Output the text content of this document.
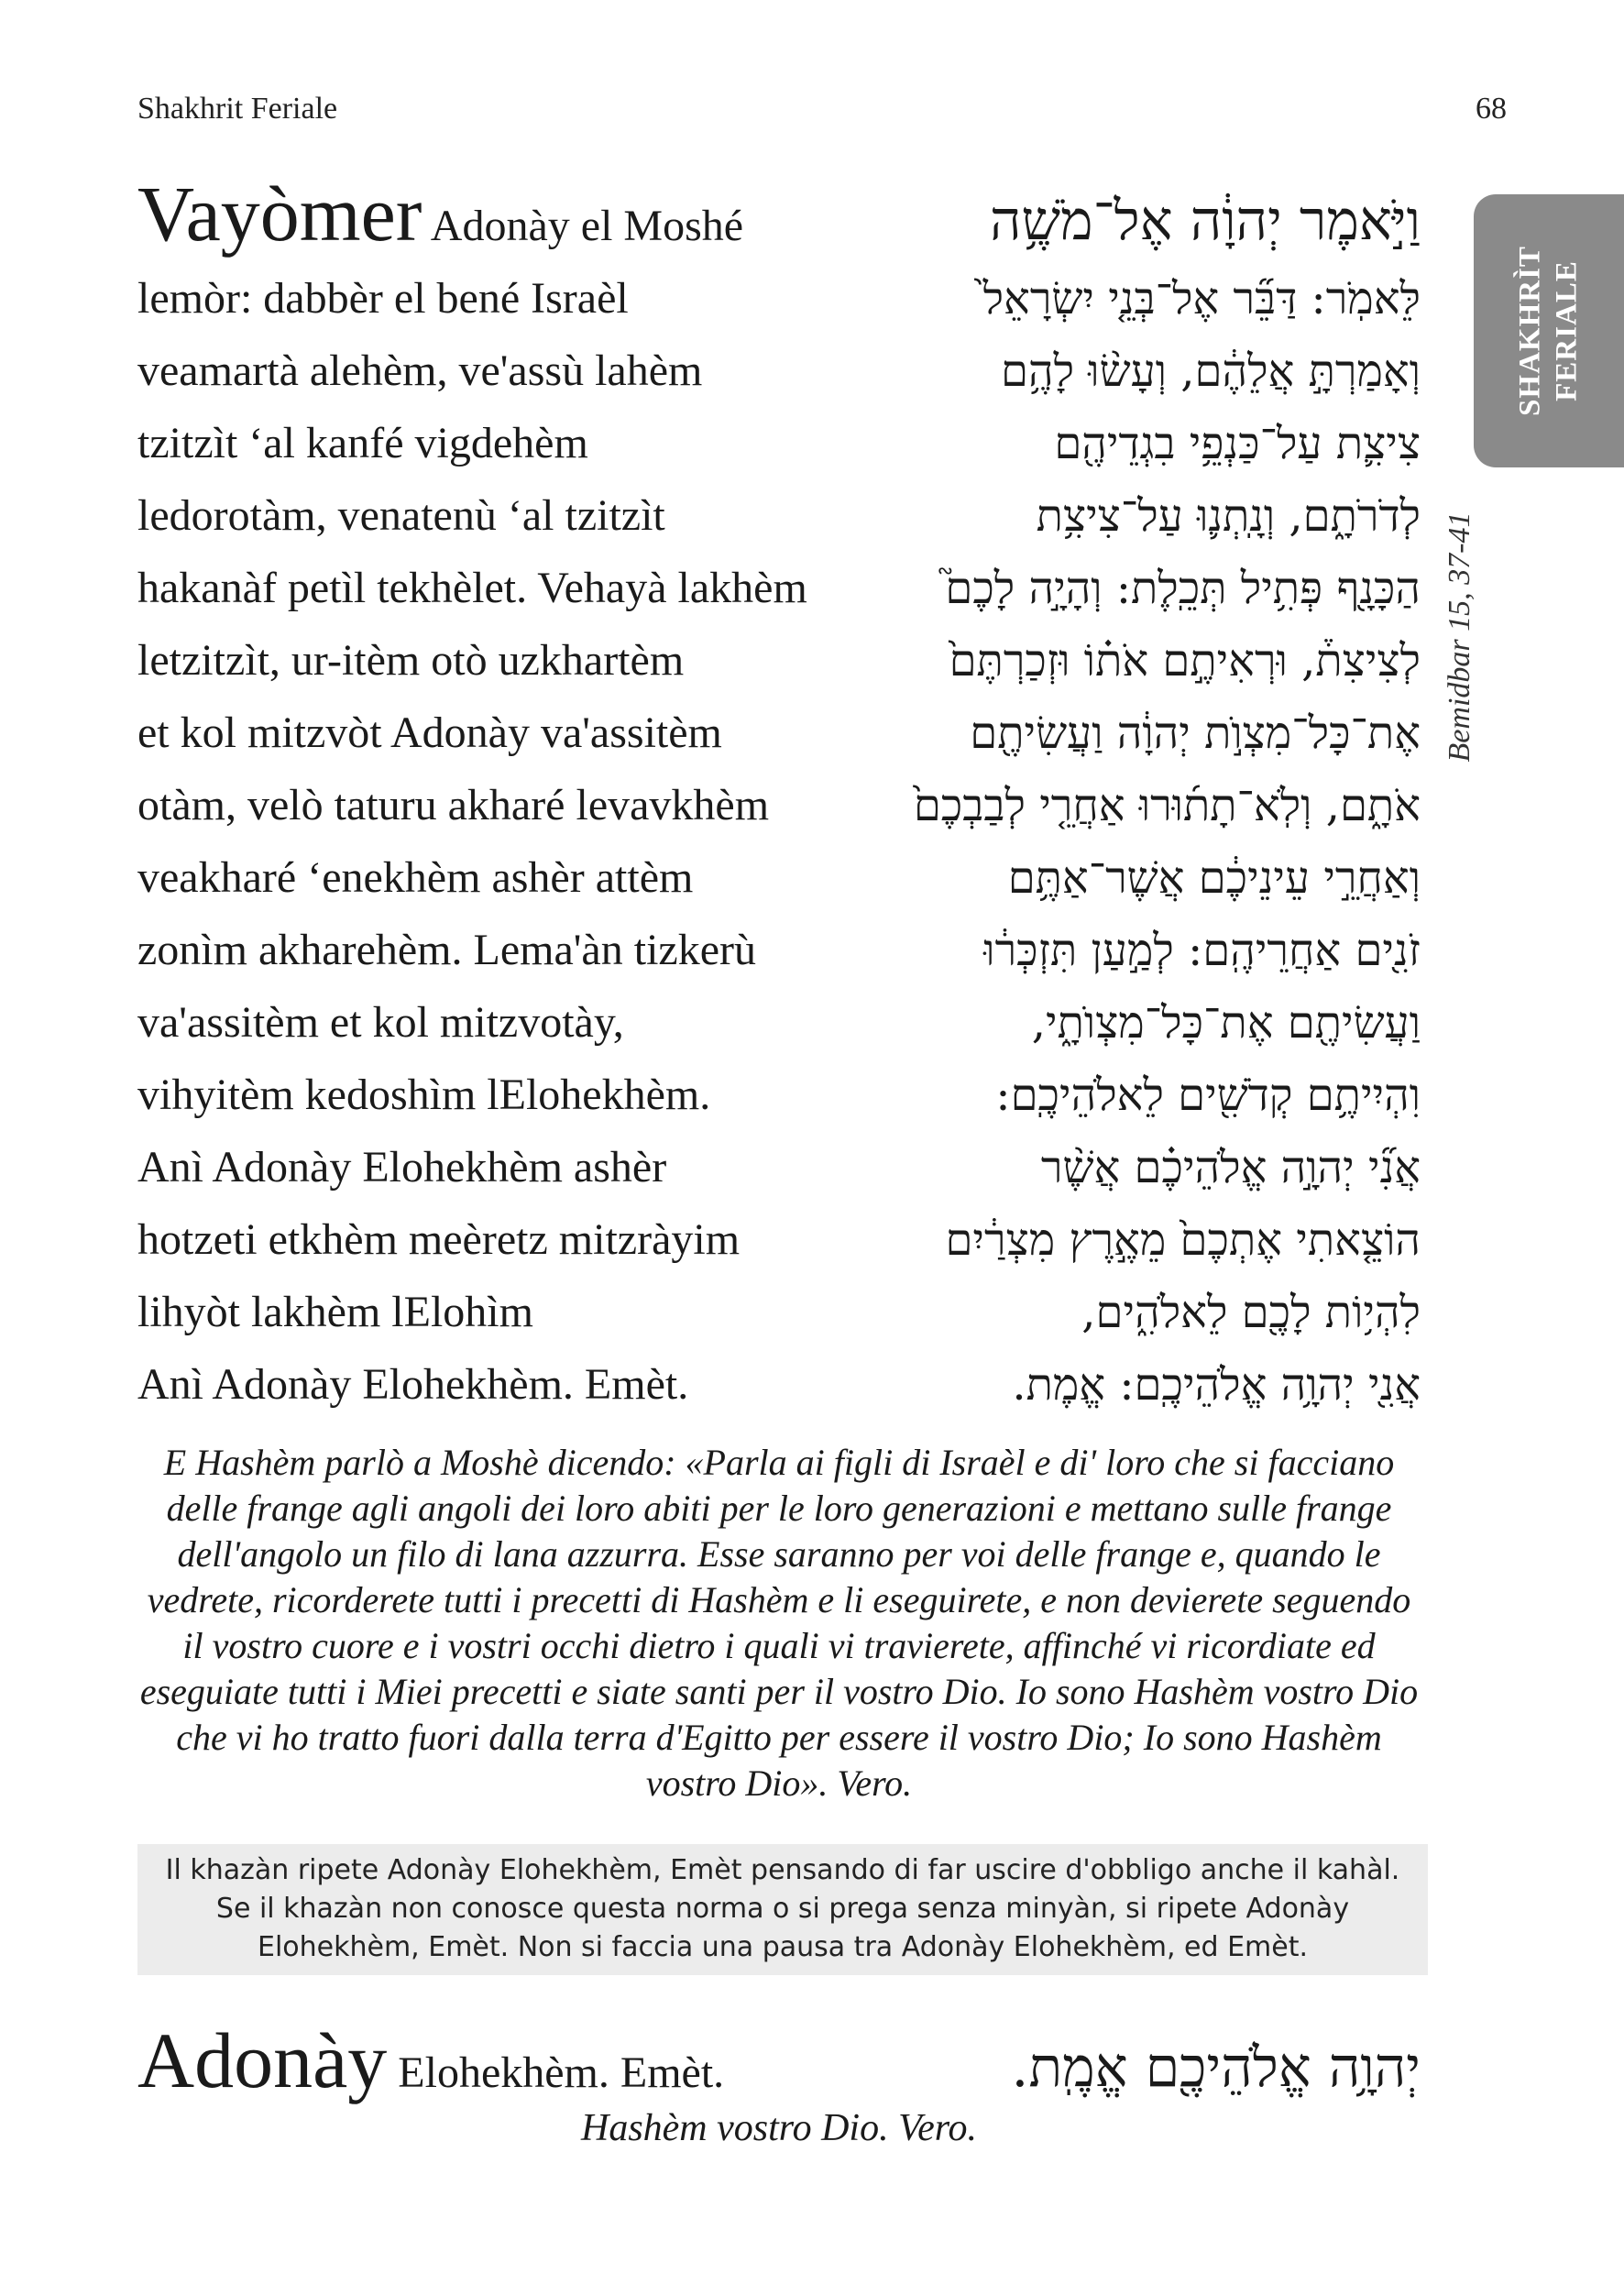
Shakhrit Feriale	68
SHAKHRÌT FERIALE
Bemidbar 15, 37-41
Vayòmer Adonày el Moshé	וַיֹּ֣אמֶר יְהוָ֔ה אֶל־מֹשֶׁ֥ה
lemòr: dabbèr el bené Israèl	לֵּאמֹֽר: דַּבֵּ֞ר אֶל־בְּנֵ֤י יִשְׂרָאֵל֙
veamartà alehèm, ve'assù lahèm	וְאָמַרְתָּ֣ אֲלֵהֶ֔ם, וְעָשׂ֨וּ לָהֶ֥ם
tzitzìt ʻal kanfé vigdehèm	צִיצִ֛ת עַל־כַּנְפֵ֥י בִגְדֵיהֶ֖ם
ledorotàm, venatenù ʻal tzitzìt	לְדֹרֹתָ֑ם, וְנָֽתְנ֛וּ עַל־צִיצִ֥ת
hakanàf petìl tekhèlet. Vehayà lakhèm	הַכָּנָ֖ף פְּתִ֥יל תְּכֵֽלֶת: וְהָיָ֣ה לָכֶם֮
letzitzìt, ur-itèm otò uzkhartèm	לְצִיצִת֒, וּרְאִיתֶ֣ם אֹת֗וֹ וּזְכַרְתֶּם֙
et kol mitzvòt Adonày va'assitèm	אֶת־כָּל־מִצְוֺ֣ת יְהוָ֔ה וַעֲשִׂיתֶ֖ם
otàm, velò taturu akharé levavkhèm	אֹתָ֑ם, וְלֹֽא־תָת֜וּרוּ אַחֲרֵ֤י לְבַבְכֶם֙
veakharé ʻenekhèm ashèr attèm	וְאַחֲרֵ֣י עֵינֵיכֶ֔ם אֲשֶׁר־אַתֶּ֥ם
zonìm akharehèm. Lema'àn tizkerù	זֹנִ֖ים אַחֲרֵיהֶֽם: לְמַ֣עַן תִּזְכְּר֔וּ
va'assitèm et kol mitzvotày,	וַעֲשִׂיתֶ֖ם אֶת־כָּל־מִצְוֺתָ֑י,
vihyitèm kedoshìm lElohekhèm.	וִהְיִיתֶ֥ם קְדֹשִׁ֖ים לֵאלֹהֵיכֶֽם:
Anì Adonày Elohekhèm ashèr	אֲנִ֞י יְהוָ֣ה אֱלֹהֵיכֶ֗ם אֲשֶׁ֨ר
hotzeti etkhèm meèretz mitzràyim	הוֹצֵ֤אתִי אֶתְכֶם֙ מֵאֶ֣רֶץ מִצְרַ֔יִם
lihyòt lakhèm lElohìm	לִהְי֥וֹת לָכֶ֖ם לֵאלֹהִ֑ים,
Anì Adonày Elohekhèm. Emèt.	אֲנִ֖י יְהוָ֥ה אֱלֹהֵיכֶֽם: אֱמֶת.

E Hashèm parlò a Moshè dicendo: «Parla ai figli di Israèl e di' loro che si facciano delle frange agli angoli dei loro abiti per le loro generazioni e mettano sulle frange dell'angolo un filo di lana azzurra. Esse saranno per voi delle frange e, quando le vedrete, ricorderete tutti i precetti di Hashèm e li eseguirete, e non devierete seguendo il vostro cuore e i vostri occhi dietro i quali vi travierete, affinché vi ricordiate ed eseguiate tutti i Miei precetti e siate santi per il vostro Dio. Io sono Hashèm vostro Dio che vi ho tratto fuori dalla terra d'Egitto per essere il vostro Dio; Io sono Hashèm vostro Dio». Vero.

Il khazàn ripete Adonày Elohekhèm, Emèt pensando di far uscire d'obbligo anche il kahàl. Se il khazàn non conosce questa norma o si prega senza minyàn, si ripete Adonày Elohekhèm, Emèt. Non si faccia una pausa tra Adonày Elohekhèm, ed Emèt.
Adonày Elohekhèm. Emèt.	יְהוָ֥ה אֱלֹהֵיכֶ֖ם אֱמֶֽת.
Hashèm vostro Dio. Vero.
